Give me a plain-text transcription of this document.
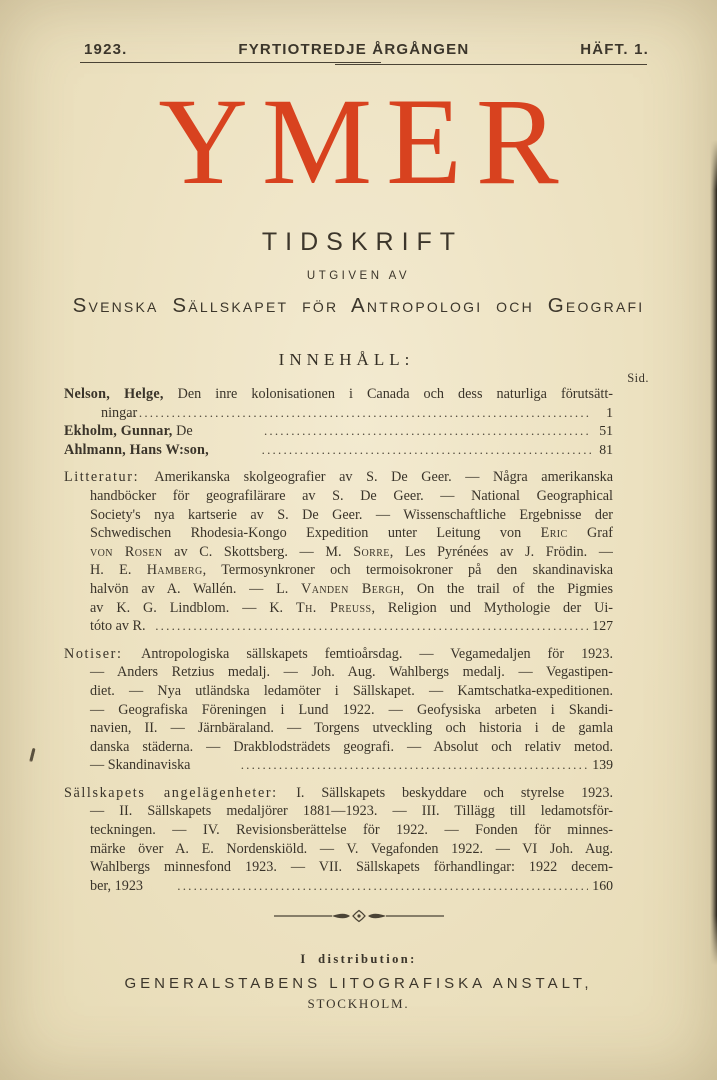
1923.	FYRTIOTREDJE ÅRGÅNGEN	HÄFT. 1.
YMER
TIDSKRIFT
UTGIVEN AV
Svenska Sällskapet för Antropologi och Geografi
INNEHÅLL:
Sid.
Nelson, Helge, Den inre kolonisationen i Canada och dess naturliga förutsätt-
ningar .....	1
Ekholm, Gunnar, De .....	51
Ahlmann, Hans W:son, .....	81
Litteratur: Amerikanska skolgeografier av S. De Geer. — Några amerikanska
handböcker för geografilärare av S. De Geer. — National Geographical
Society's nya kartserie av S. De Geer. — Wissenschaftliche Ergebnisse der
Schwedischen Rhodesia-Kongo Expedition unter Leitung von Eric Graf
von Rosen av C. Skottsberg. — M. Sorre, Les Pyrénées av J. Frödin. —
H. E. Hamberg, Termosynkroner och termoisokroner på den skandinaviska
halvön av A. Wallén. — L. Vanden Bergh, On the trail of the Pigmies
av K. G. Lindblom. — K. Th. Preuss, Religion und Mythologie der Ui-
tóto av R. .....	127
Notiser: Antropologiska sällskapets femtioårsdag. — Vegamedaljen för 1923.
— Anders Retzius medalj. — Joh. Aug. Wahlbergs medalj. — Vegastipen-
diet. — Nya utländska ledamöter i Sällskapet. — Kamtschatka-expeditionen.
— Geografiska Föreningen i Lund 1922. — Geofysiska arbeten i Skandi-
navien, II. — Järnbäraland. — Torgens utveckling och historia i de gamla
danska städerna. — Drakblodsträdets geografi. — Absolut och relativ metod.
— Skandinaviska .....	139
Sällskapets angelägenheter: I. Sällskapets beskyddare och styrelse 1923.
— II. Sällskapets medaljörer 1881—1923. — III. Tillägg till ledamotsför-
teckningen. — IV. Revisionsberättelse för 1922. — Fonden för minnes-
märke över A. E. Nordenskiöld. — V. Vegafonden 1922. — VI Joh. Aug.
Wahlbergs minnesfond 1923. — VII. Sällskapets förhandlingar: 1922 decem-
ber, 1923 .....	160
I distribution:
GENERALSTABENS LITOGRAFISKA ANSTALT,
STOCKHOLM.
